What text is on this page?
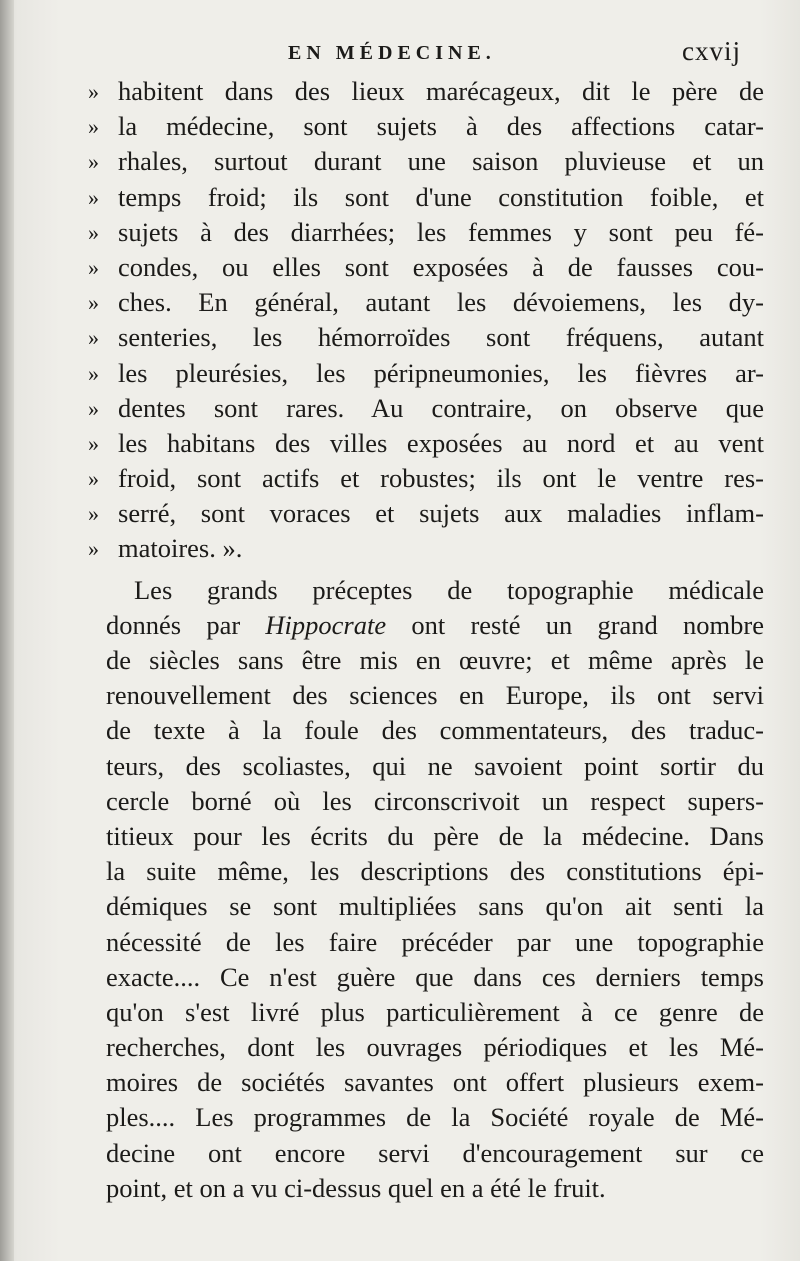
EN MÉDECINE.	cxvij
» habitent dans des lieux marécageux, dit le père de
» la médecine, sont sujets à des affections catar-
» rhales, surtout durant une saison pluvieuse et un
» temps froid; ils sont d'une constitution foible, et
» sujets à des diarrhées; les femmes y sont peu fé-
» condes, ou elles sont exposées à de fausses cou-
» ches. En général, autant les dévoiemens, les dy-
» senteries, les hémorroïdes sont fréquens, autant
» les pleurésies, les péripneumonies, les fièvres ar-
» dentes sont rares. Au contraire, on observe que
» les habitans des villes exposées au nord et au vent
» froid, sont actifs et robustes; ils ont le ventre res-
» serré, sont voraces et sujets aux maladies inflam-
» matoires. ».
Les grands préceptes de topographie médicale
donnés par Hippocrate ont resté un grand nombre
de siècles sans être mis en œuvre; et même après le
renouvellement des sciences en Europe, ils ont servi
de texte à la foule des commentateurs, des traduc-
teurs, des scoliastes, qui ne savoient point sortir du
cercle borné où les circonscrivoit un respect supers-
titieux pour les écrits du père de la médecine. Dans
la suite même, les descriptions des constitutions épi-
démiques se sont multipliées sans qu'on ait senti la
nécessité de les faire précéder par une topographie
exacte.... Ce n'est guère que dans ces derniers temps
qu'on s'est livré plus particulièrement à ce genre de
recherches, dont les ouvrages périodiques et les Mé-
moires de sociétés savantes ont offert plusieurs exem-
ples.... Les programmes de la Société royale de Mé-
decine ont encore servi d'encouragement sur ce
point, et on a vu ci-dessus quel en a été le fruit.
